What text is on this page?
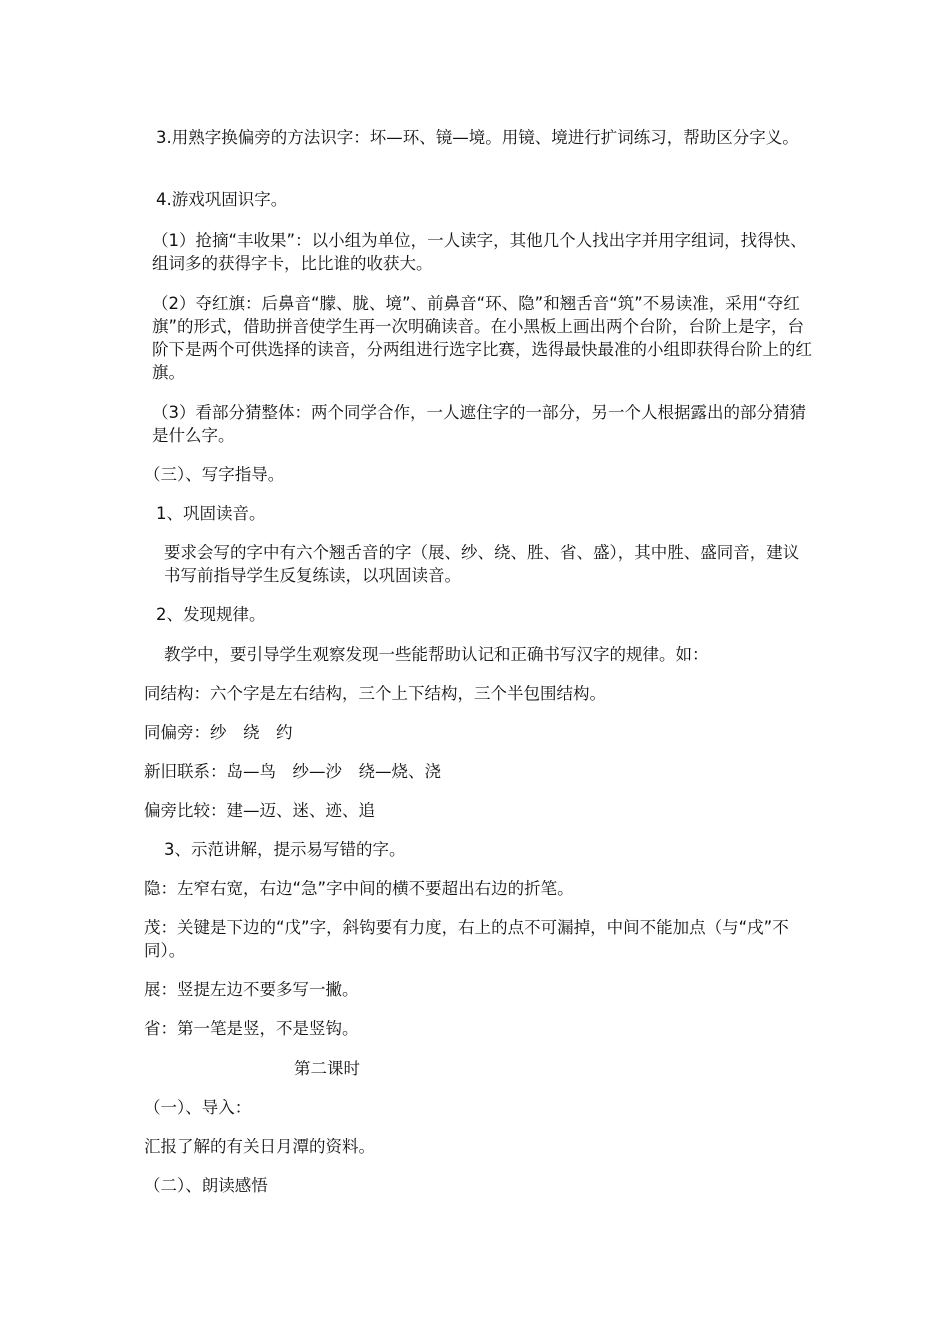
3.用熟字换偏旁的方法识字：坏—环、镜—境。用镜、境进行扩词练习，帮助区分字义。

4.游戏巩固识字。

（1）抢摘“丰收果”：以小组为单位，一人读字，其他几个人找出字并用字组词，找得快、组词多的获得字卡，比比谁的收获大。

（2）夺红旗：后鼻音“朦、胧、境”、前鼻音“环、隐”和翘舌音“筑”不易读准，采用“夺红旗”的形式，借助拼音使学生再一次明确读音。在小黑板上画出两个台阶，台阶上是字，台阶下是两个可供选择的读音，分两组进行选字比赛，选得最快最准的小组即获得台阶上的红旗。

（3）看部分猜整体：两个同学合作，一人遮住字的一部分，另一个人根据露出的部分猜猜是什么字。

（三）、写字指导。

1、巩固读音。

要求会写的字中有六个翘舌音的字（展、纱、绕、胜、省、盛），其中胜、盛同音，建议书写前指导学生反复练读，以巩固读音。

2、发现规律。

教学中，要引导学生观察发现一些能帮助认记和正确书写汉字的规律。如：

同结构：六个字是左右结构，三个上下结构，三个半包围结构。

同偏旁：纱　绕　约

新旧联系：岛—鸟　纱—沙　绕—烧、浇

偏旁比较：建—迈、迷、迹、追

3、示范讲解，提示易写错的字。

隐：左窄右宽，右边“急”字中间的横不要超出右边的折笔。

茂：关键是下边的“戊”字，斜钩要有力度，右上的点不可漏掉，中间不能加点（与“戌”不同）。

展：竖提左边不要多写一撇。

省：第一笔是竖，不是竖钩。

第二课时

（一）、导入：

汇报了解的有关日月潭的资料。

（二）、朗读感悟
